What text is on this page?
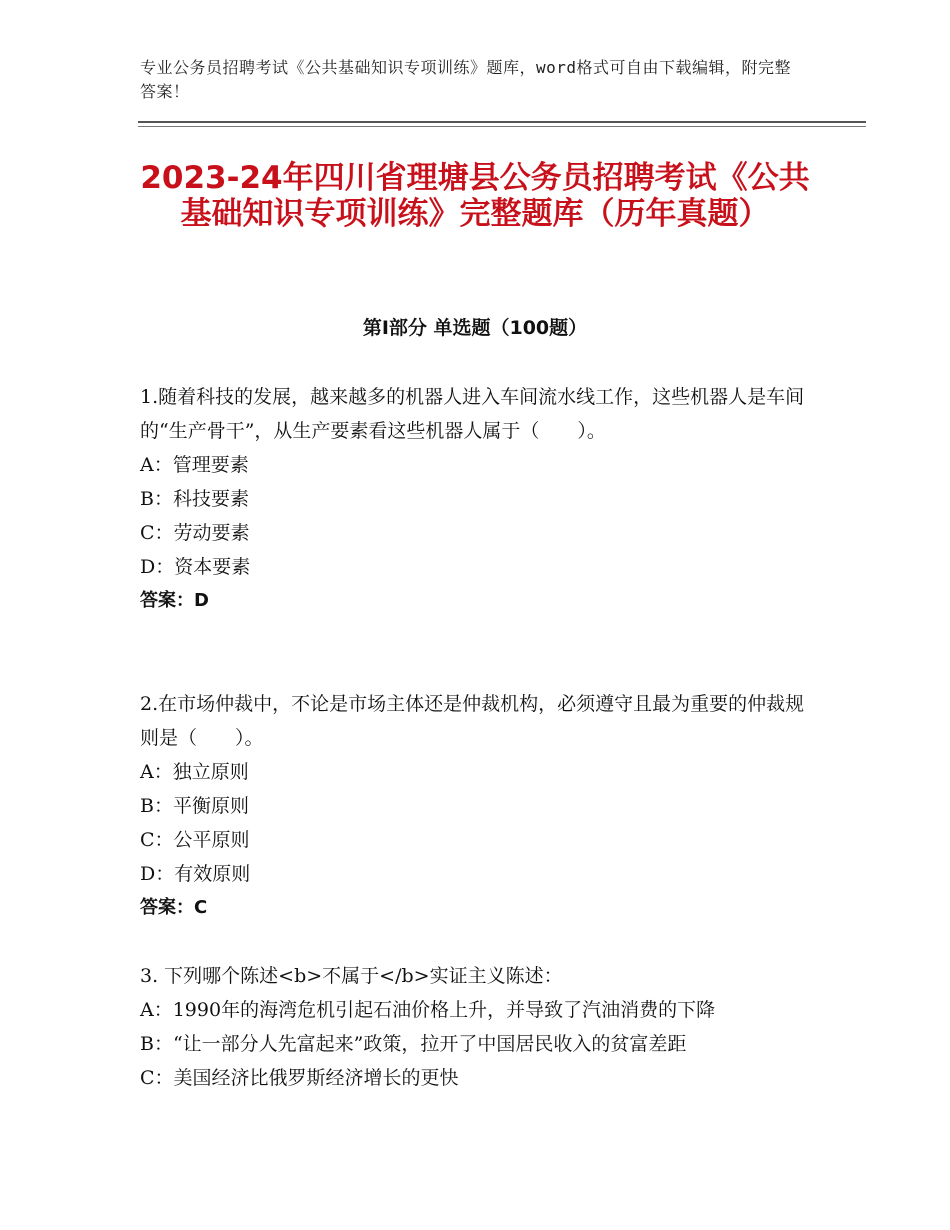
专业公务员招聘考试《公共基础知识专项训练》题库，word格式可自由下载编辑，附完整答案！
2023-24年四川省理塘县公务员招聘考试《公共基础知识专项训练》完整题库（历年真题）
第Ⅰ部分 单选题（100题）

1.随着科技的发展，越来越多的机器人进入车间流水线工作，这些机器人是车间的“生产骨干”，从生产要素看这些机器人属于（　　）。

A：管理要素

B：科技要素

C：劳动要素

D：资本要素

答案：D

2.在市场仲裁中，不论是市场主体还是仲裁机构，必须遵守且最为重要的仲裁规则是（　　）。

A：独立原则

B：平衡原则

C：公平原则

D：有效原则

答案：C

3. 下列哪个陈述<b>不属于</b>实证主义陈述：

A：1990年的海湾危机引起石油价格上升，并导致了汽油消费的下降

B：“让一部分人先富起来”政策，拉开了中国居民收入的贫富差距

C：美国经济比俄罗斯经济增长的更快
